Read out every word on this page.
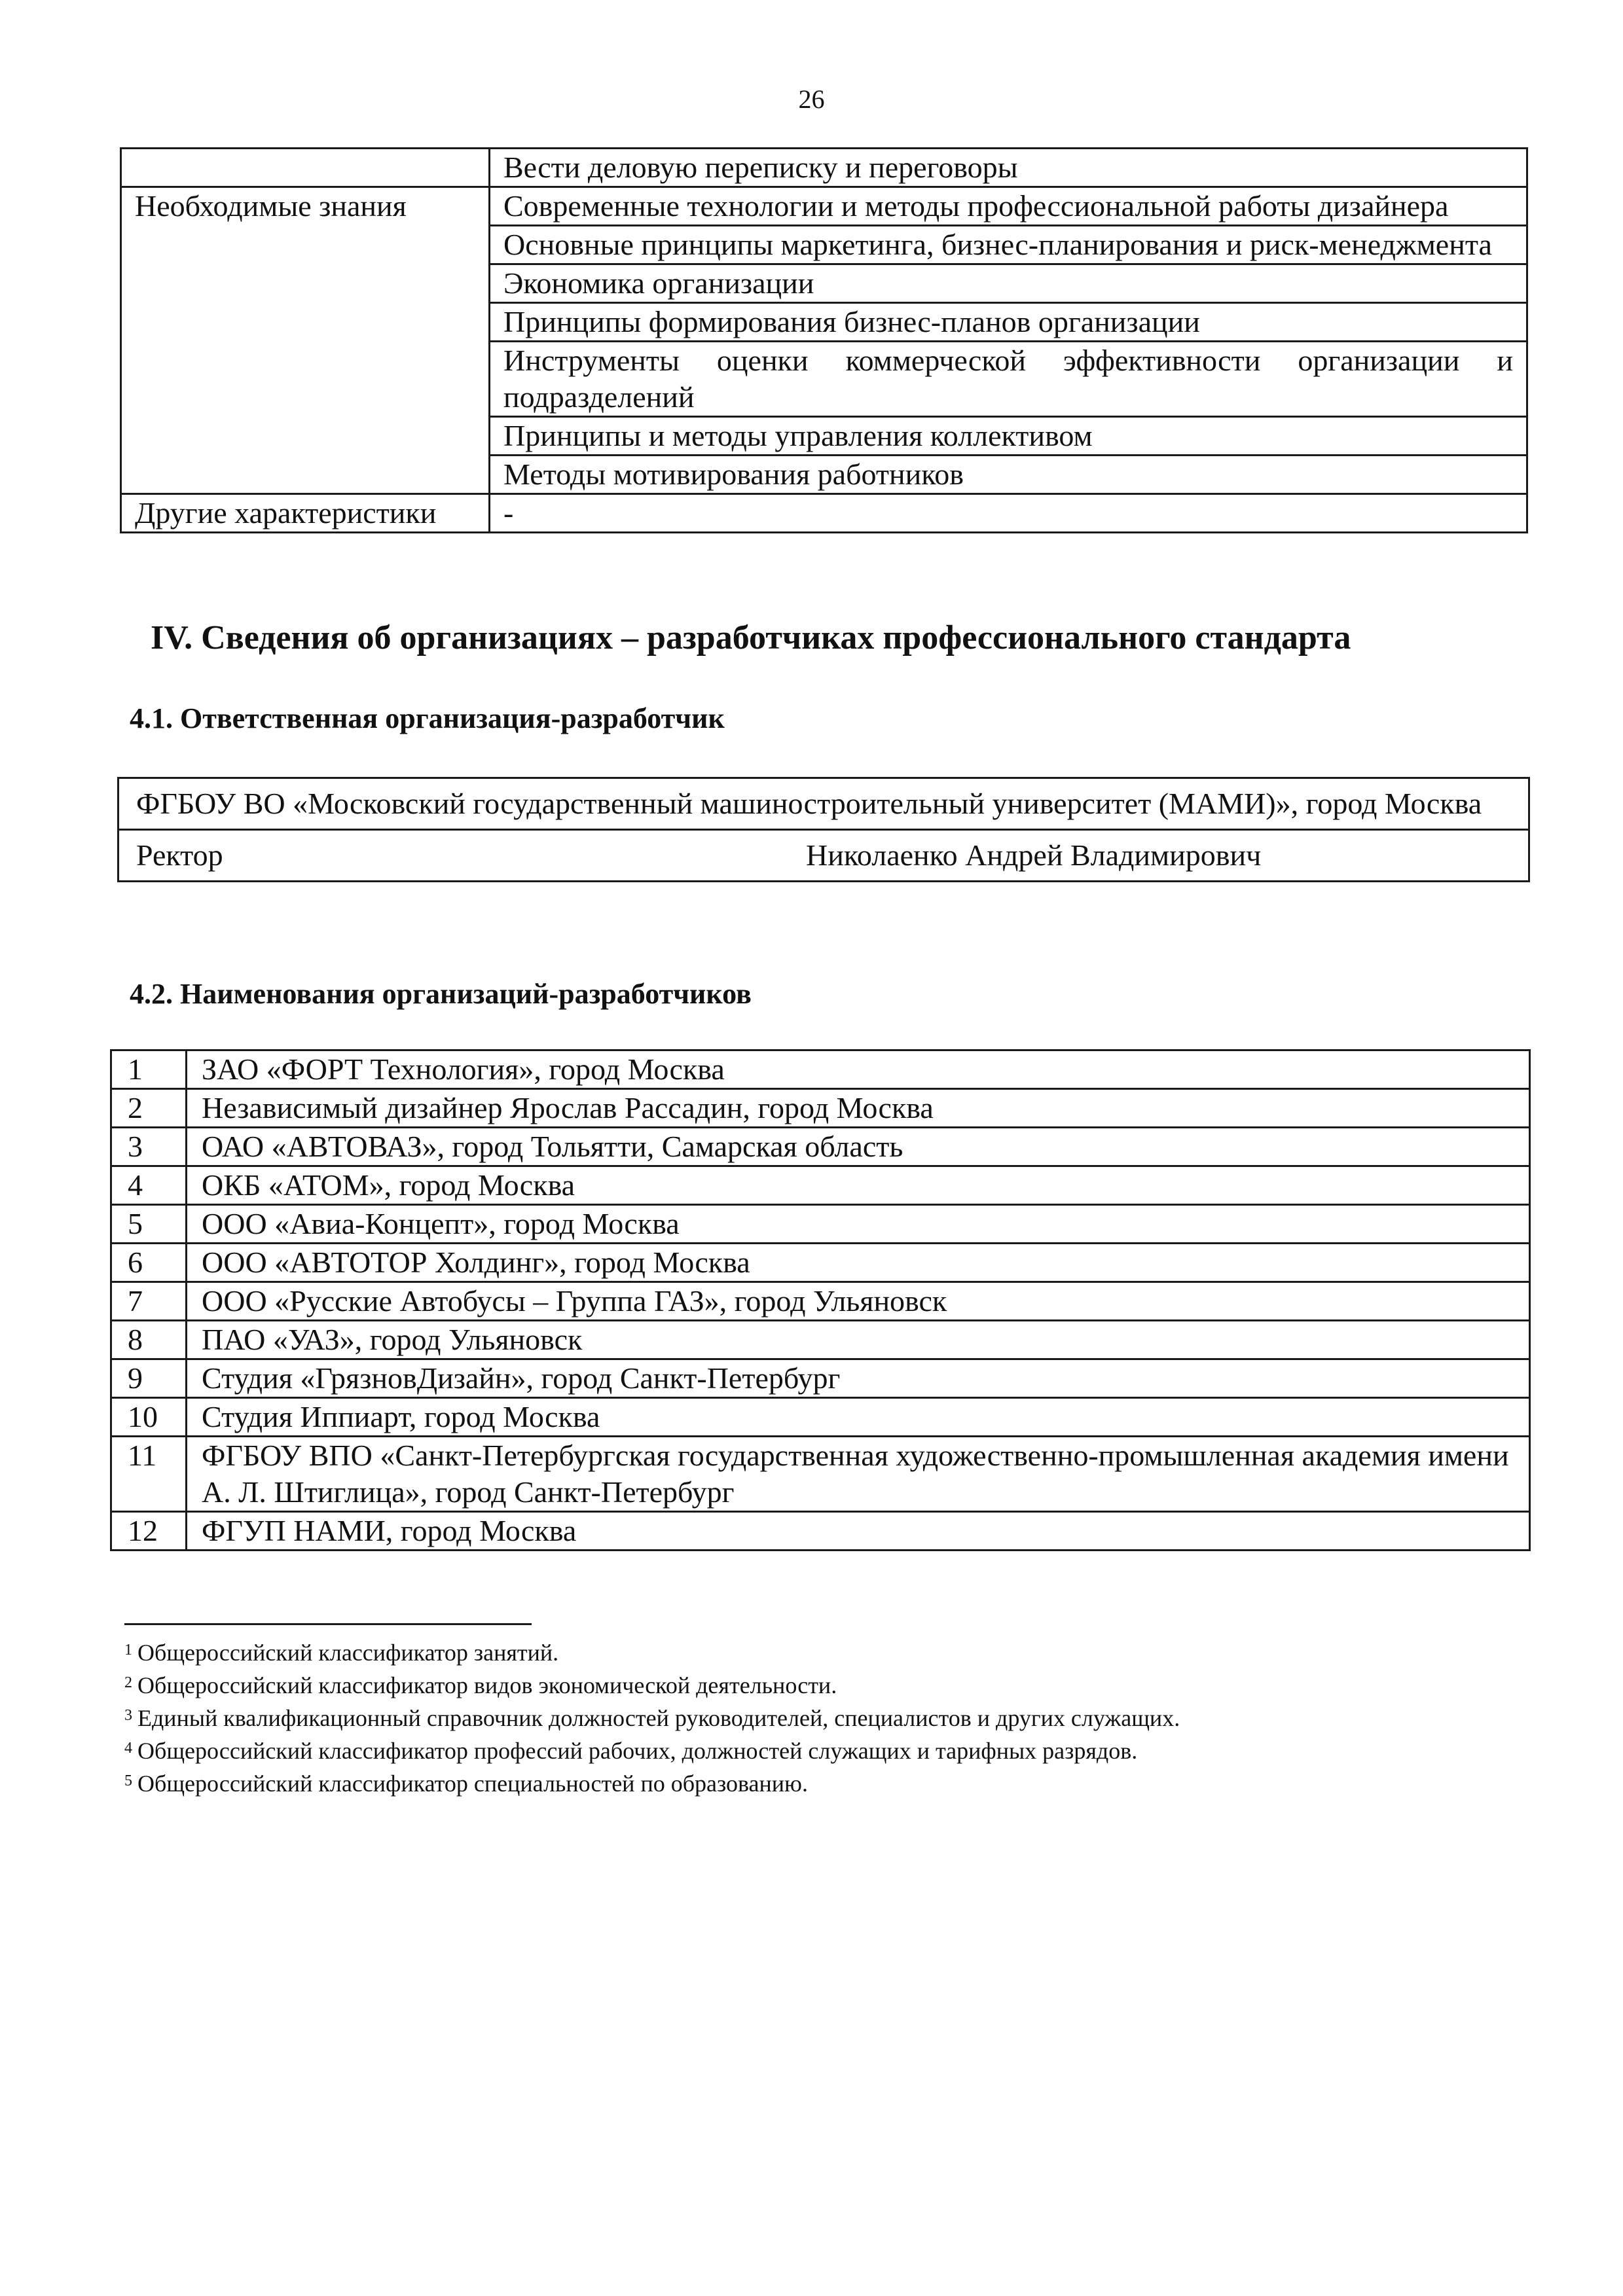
26
	Вести деловую переписку и переговоры
Необходимые знания	Современные технологии и методы профессиональной работы дизайнера
	Основные принципы маркетинга, бизнес-планирования и риск-менеджмента
	Экономика организации
	Принципы формирования бизнес-планов организации
	Инструменты оценки коммерческой эффективности организации и подразделений
	Принципы и методы управления коллективом
	Методы мотивирования работников
Другие характеристики	-
IV. Сведения об организациях – разработчиках профессионального стандарта
4.1. Ответственная организация-разработчик
ФГБОУ ВО «Московский государственный машиностроительный университет (МАМИ)», город Москва

Ректор	Николаенко Андрей Владимирович
4.2. Наименования организаций-разработчиков
1	ЗАО «ФОРТ Технология», город Москва
2	Независимый дизайнер Ярослав Рассадин, город Москва
3	ОАО «АВТОВАЗ», город Тольятти, Самарская область
4	ОКБ «АТОМ», город Москва
5	ООО «Авиа-Концепт», город Москва
6	ООО «АВТОТОР Холдинг», город Москва
7	ООО «Русские Автобусы – Группа ГАЗ», город Ульяновск
8	ПАО «УАЗ», город Ульяновск
9	Студия «ГрязновДизайн», город Санкт-Петербург
10	Студия Иппиарт, город Москва
11	ФГБОУ ВПО «Санкт-Петербургская государственная художественно-промышленная академия имени А. Л. Штиглица», город Санкт-Петербург
12	ФГУП НАМИ, город Москва
$^1$ Общероссийский классификатор занятий.
$^2$ Общероссийский классификатор видов экономической деятельности.
$^3$ Единый квалификационный справочник должностей руководителей, специалистов и других служащих.
$^4$ Общероссийский классификатор профессий рабочих, должностей служащих и тарифных разрядов.
$^5$ Общероссийский классификатор специальностей по образованию.
